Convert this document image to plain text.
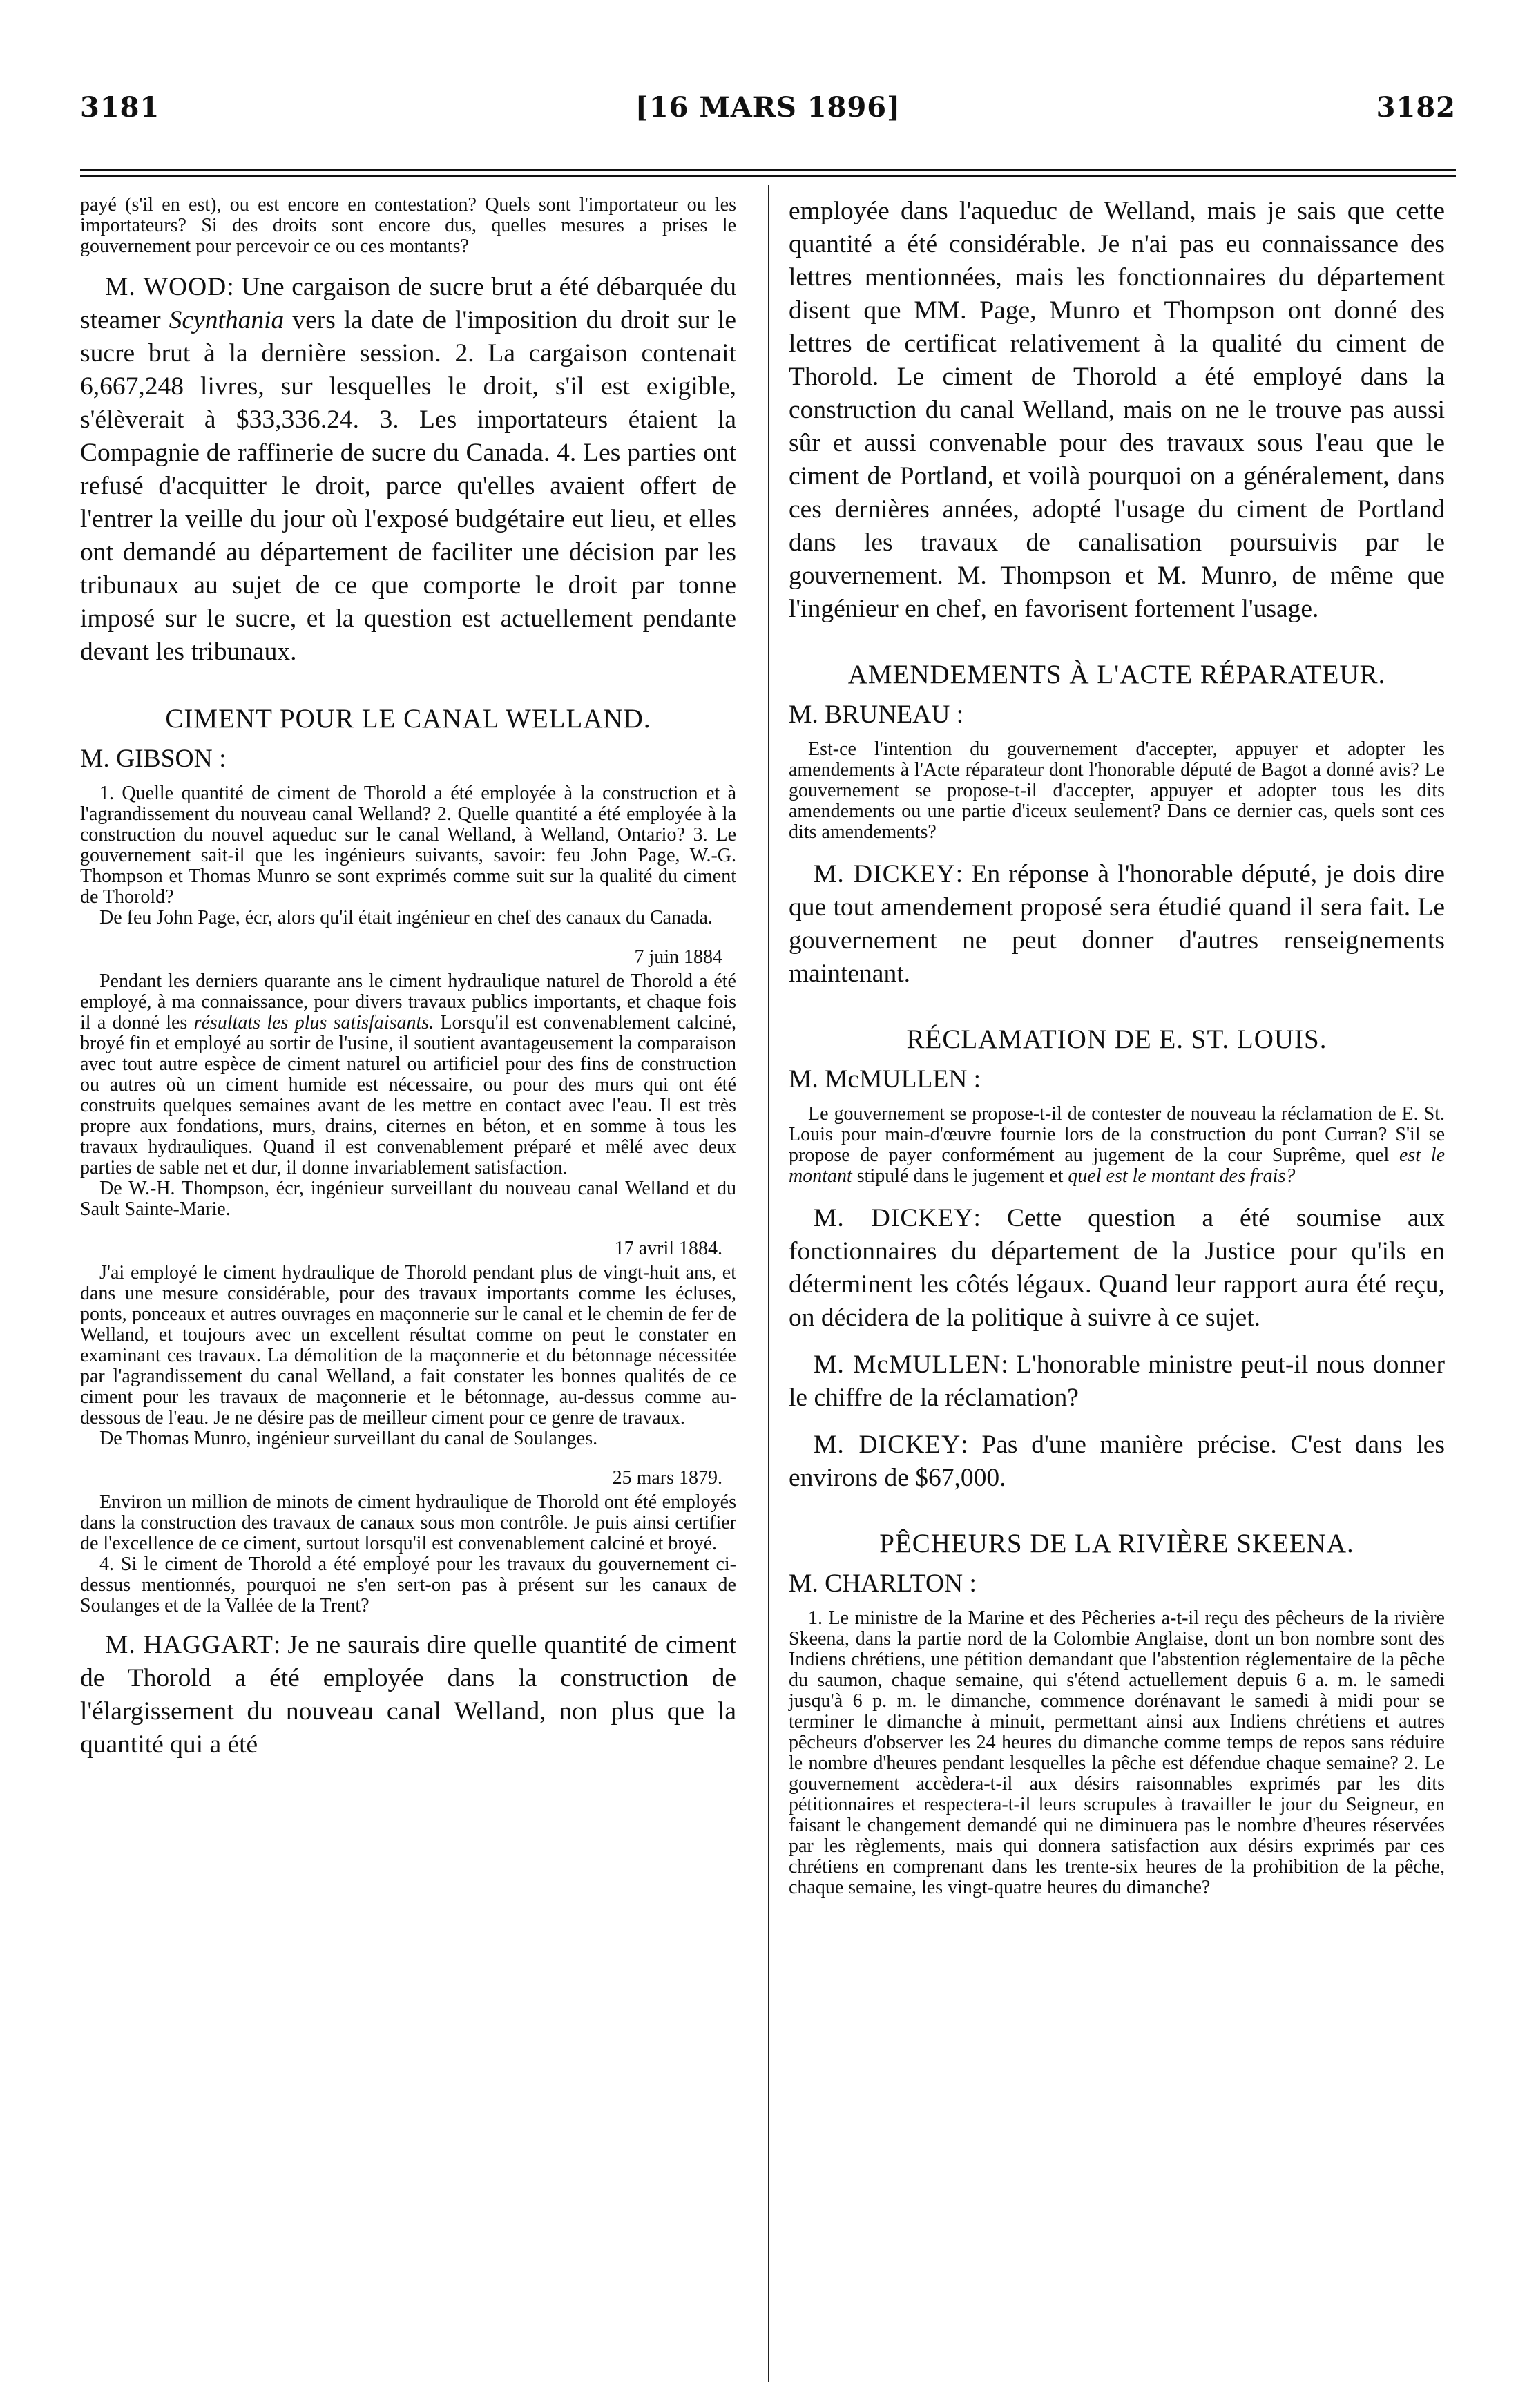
3181	[16 MARS 1896]	3182

payé (s'il en est), ou est encore en contestation? Quels sont l'importateur ou les importateurs? Si des droits sont encore dus, quelles mesures a prises le gouvernement pour percevoir ce ou ces montants?

M. WOOD: Une cargaison de sucre brut a été débarquée du steamer Scynthania vers la date de l'imposition du droit sur le sucre brut à la dernière session. 2. La cargaison contenait 6,667,248 livres, sur lesquelles le droit, s'il est exigible, s'élèverait à $33,336.24. 3. Les importateurs étaient la Compagnie de raffinerie de sucre du Canada. 4. Les parties ont refusé d'acquitter le droit, parce qu'elles avaient offert de l'entrer la veille du jour où l'exposé budgétaire eut lieu, et elles ont demandé au département de faciliter une décision par les tribunaux au sujet de ce que comporte le droit par tonne imposé sur le sucre, et la question est actuellement pendante devant les tribunaux.

CIMENT POUR LE CANAL WELLAND.

M. GIBSON :

1. Quelle quantité de ciment de Thorold a été employée à la construction et à l'agrandissement du nouveau canal Welland? 2. Quelle quantité a été employée à la construction du nouvel aqueduc sur le canal Welland, à Welland, Ontario? 3. Le gouvernement sait-il que les ingénieurs suivants, savoir: feu John Page, W.-G. Thompson et Thomas Munro se sont exprimés comme suit sur la qualité du ciment de Thorold?

De feu John Page, écr, alors qu'il était ingénieur en chef des canaux du Canada.

7 juin 1884

Pendant les derniers quarante ans le ciment hydraulique naturel de Thorold a été employé, à ma connaissance, pour divers travaux publics importants, et chaque fois il a donné les résultats les plus satisfaisants. Lorsqu'il est convenablement calciné, broyé fin et employé au sortir de l'usine, il soutient avantageusement la comparaison avec tout autre espèce de ciment naturel ou artificiel pour des fins de construction ou autres où un ciment humide est nécessaire, ou pour des murs qui ont été construits quelques semaines avant de les mettre en contact avec l'eau. Il est très propre aux fondations, murs, drains, citernes en béton, et en somme à tous les travaux hydrauliques. Quand il est convenablement préparé et mêlé avec deux parties de sable net et dur, il donne invariablement satisfaction.

De W.-H. Thompson, écr, ingénieur surveillant du nouveau canal Welland et du Sault Sainte-Marie.

17 avril 1884.

J'ai employé le ciment hydraulique de Thorold pendant plus de vingt-huit ans, et dans une mesure considérable, pour des travaux importants comme les écluses, ponts, ponceaux et autres ouvrages en maçonnerie sur le canal et le chemin de fer de Welland, et toujours avec un excellent résultat comme on peut le constater en examinant ces travaux. La démolition de la maçonnerie et du bétonnage nécessitée par l'agrandissement du canal Welland, a fait constater les bonnes qualités de ce ciment pour les travaux de maçonnerie et le bétonnage, au-dessus comme au-dessous de l'eau. Je ne désire pas de meilleur ciment pour ce genre de travaux.

De Thomas Munro, ingénieur surveillant du canal de Soulanges.

25 mars 1879.

Environ un million de minots de ciment hydraulique de Thorold ont été employés dans la construction des travaux de canaux sous mon contrôle. Je puis ainsi certifier de l'excellence de ce ciment, surtout lorsqu'il est convenablement calciné et broyé.

4. Si le ciment de Thorold a été employé pour les travaux du gouvernement ci-dessus mentionnés, pourquoi ne s'en sert-on pas à présent sur les canaux de Soulanges et de la Vallée de la Trent?

M. HAGGART: Je ne saurais dire quelle quantité de ciment de Thorold a été employée dans la construction de l'élargissement du nouveau canal Welland, non plus que la quantité qui a été

employée dans l'aqueduc de Welland, mais je sais que cette quantité a été considérable. Je n'ai pas eu connaissance des lettres mentionnées, mais les fonctionnaires du département disent que MM. Page, Munro et Thompson ont donné des lettres de certificat relativement à la qualité du ciment de Thorold. Le ciment de Thorold a été employé dans la construction du canal Welland, mais on ne le trouve pas aussi sûr et aussi convenable pour des travaux sous l'eau que le ciment de Portland, et voilà pourquoi on a généralement, dans ces dernières années, adopté l'usage du ciment de Portland dans les travaux de canalisation poursuivis par le gouvernement. M. Thompson et M. Munro, de même que l'ingénieur en chef, en favorisent fortement l'usage.

AMENDEMENTS À L'ACTE RÉPARATEUR.

M. BRUNEAU :

Est-ce l'intention du gouvernement d'accepter, appuyer et adopter les amendements à l'Acte réparateur dont l'honorable député de Bagot a donné avis? Le gouvernement se propose-t-il d'accepter, appuyer et adopter tous les dits amendements ou une partie d'iceux seulement? Dans ce dernier cas, quels sont ces dits amendements?

M. DICKEY: En réponse à l'honorable député, je dois dire que tout amendement proposé sera étudié quand il sera fait. Le gouvernement ne peut donner d'autres renseignements maintenant.

RÉCLAMATION DE E. ST. LOUIS.

M. McMULLEN :

Le gouvernement se propose-t-il de contester de nouveau la réclamation de E. St. Louis pour main-d'œuvre fournie lors de la construction du pont Curran? S'il se propose de payer conformément au jugement de la cour Suprême, quel est le montant stipulé dans le jugement et quel est le montant des frais?

M. DICKEY: Cette question a été soumise aux fonctionnaires du département de la Justice pour qu'ils en déterminent les côtés légaux. Quand leur rapport aura été reçu, on décidera de la politique à suivre à ce sujet.

M. McMULLEN: L'honorable ministre peut-il nous donner le chiffre de la réclamation?

M. DICKEY: Pas d'une manière précise. C'est dans les environs de $67,000.

PÊCHEURS DE LA RIVIÈRE SKEENA.

M. CHARLTON :

1. Le ministre de la Marine et des Pêcheries a-t-il reçu des pêcheurs de la rivière Skeena, dans la partie nord de la Colombie Anglaise, dont un bon nombre sont des Indiens chrétiens, une pétition demandant que l'abstention réglementaire de la pêche du saumon, chaque semaine, qui s'étend actuellement depuis 6 a. m. le samedi jusqu'à 6 p. m. le dimanche, commence dorénavant le samedi à midi pour se terminer le dimanche à minuit, permettant ainsi aux Indiens chrétiens et autres pêcheurs d'observer les 24 heures du dimanche comme temps de repos sans réduire le nombre d'heures pendant lesquelles la pêche est défendue chaque semaine? 2. Le gouvernement accèdera-t-il aux désirs raisonnables exprimés par les dits pétitionnaires et respectera-t-il leurs scrupules à travailler le jour du Seigneur, en faisant le changement demandé qui ne diminuera pas le nombre d'heures réservées par les règlements, mais qui donnera satisfaction aux désirs exprimés par ces chrétiens en comprenant dans les trente-six heures de la prohibition de la pêche, chaque semaine, les vingt-quatre heures du dimanche?
